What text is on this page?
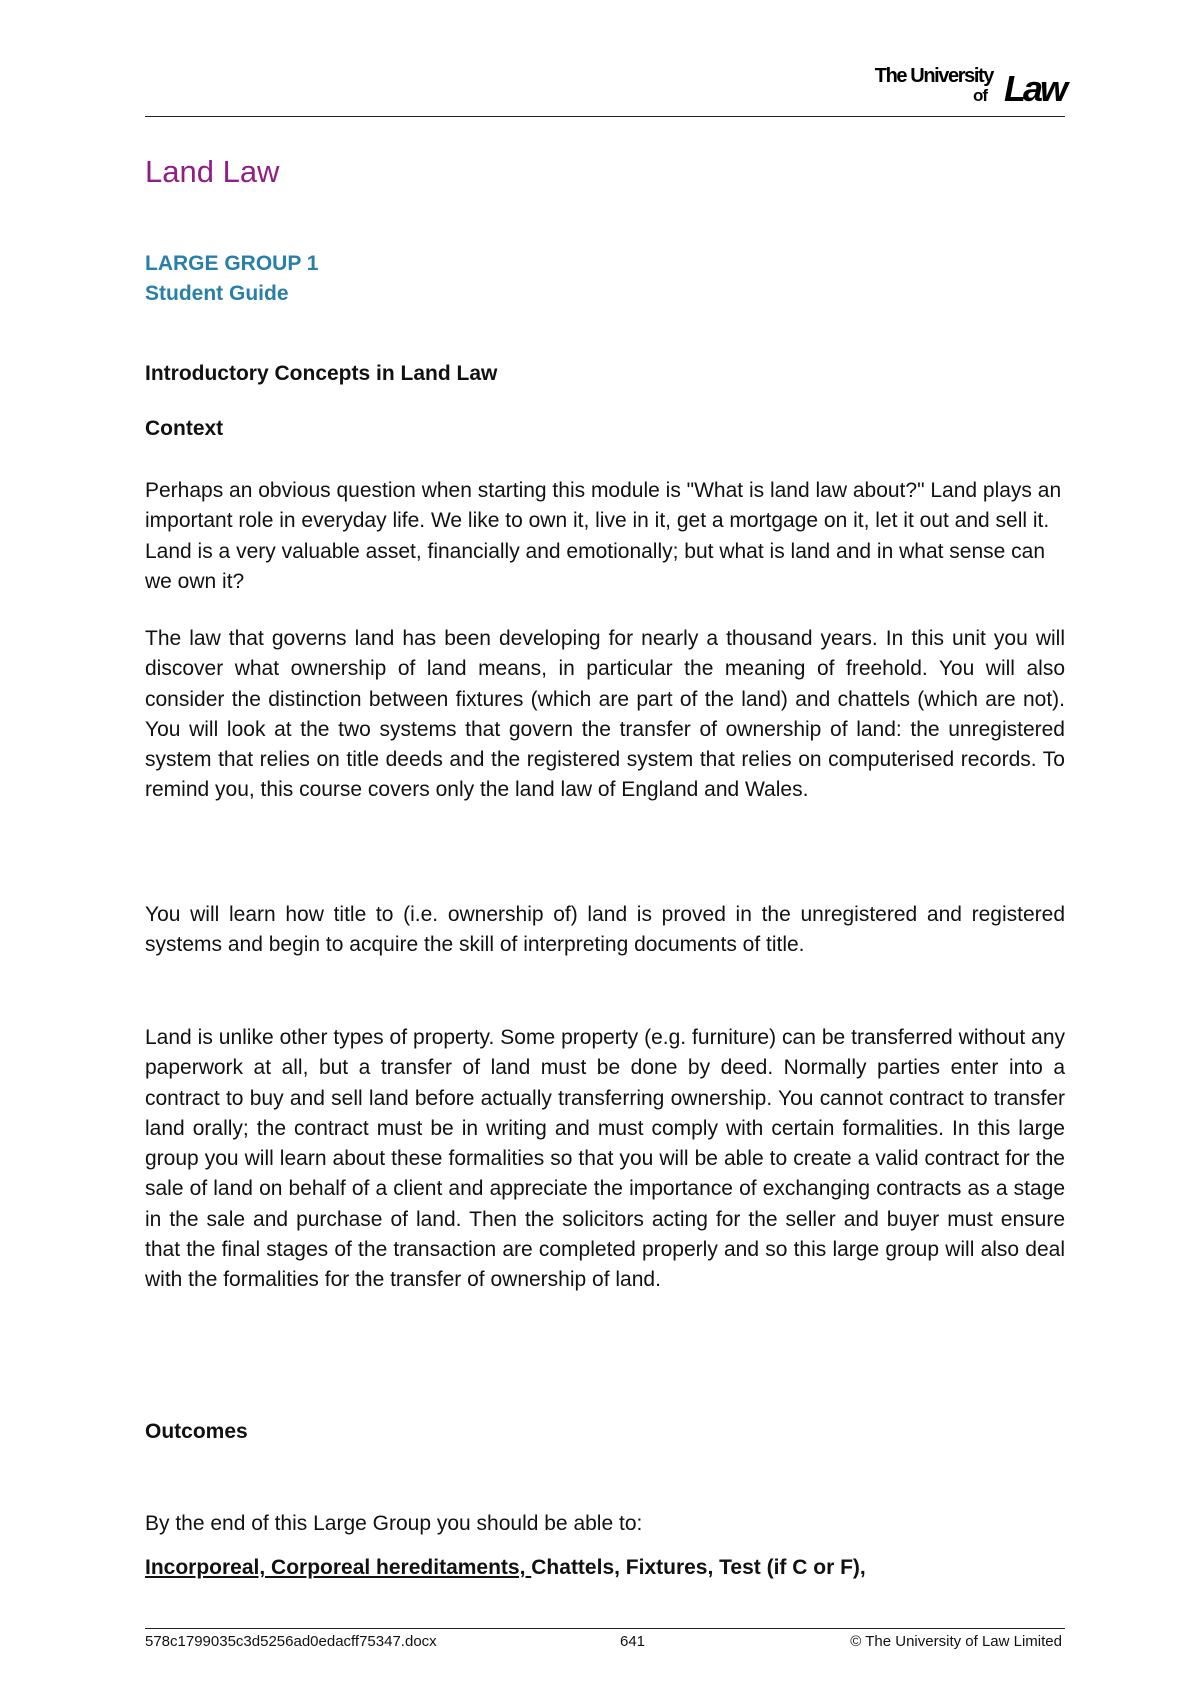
The University
of Law
Land Law
LARGE GROUP 1
Student Guide
Introductory Concepts in Land Law
Context

Perhaps an obvious question when starting this module is "What is land law about?" Land plays an important role in everyday life. We like to own it, live in it, get a mortgage on it, let it out and sell it. Land is a very valuable asset, financially and emotionally; but what is land and in what sense can we own it?

The law that governs land has been developing for nearly a thousand years. In this unit you will discover what ownership of land means, in particular the meaning of freehold. You will also consider the distinction between fixtures (which are part of the land) and chattels (which are not). You will look at the two systems that govern the transfer of ownership of land: the unregistered system that relies on title deeds and the registered system that relies on computerised records. To remind you, this course covers only the land law of England and Wales.

You will learn how title to (i.e. ownership of) land is proved in the unregistered and registered systems and begin to acquire the skill of interpreting documents of title.

Land is unlike other types of property. Some property (e.g. furniture) can be transferred without any paperwork at all, but a transfer of land must be done by deed. Normally parties enter into a contract to buy and sell land before actually transferring ownership. You cannot contract to transfer land orally; the contract must be in writing and must comply with certain formalities. In this large group you will learn about these formalities so that you will be able to create a valid contract for the sale of land on behalf of a client and appreciate the importance of exchanging contracts as a stage in the sale and purchase of land. Then the solicitors acting for the seller and buyer must ensure that the final stages of the transaction are completed properly and so this large group will also deal with the formalities for the transfer of ownership of land.

Outcomes

By the end of this Large Group you should be able to:

Incorporeal, Corporeal hereditaments, Chattels, Fixtures, Test (if C or F),
578c1799035c3d5256ad0edacff75347.docx	641	© The University of Law Limited
